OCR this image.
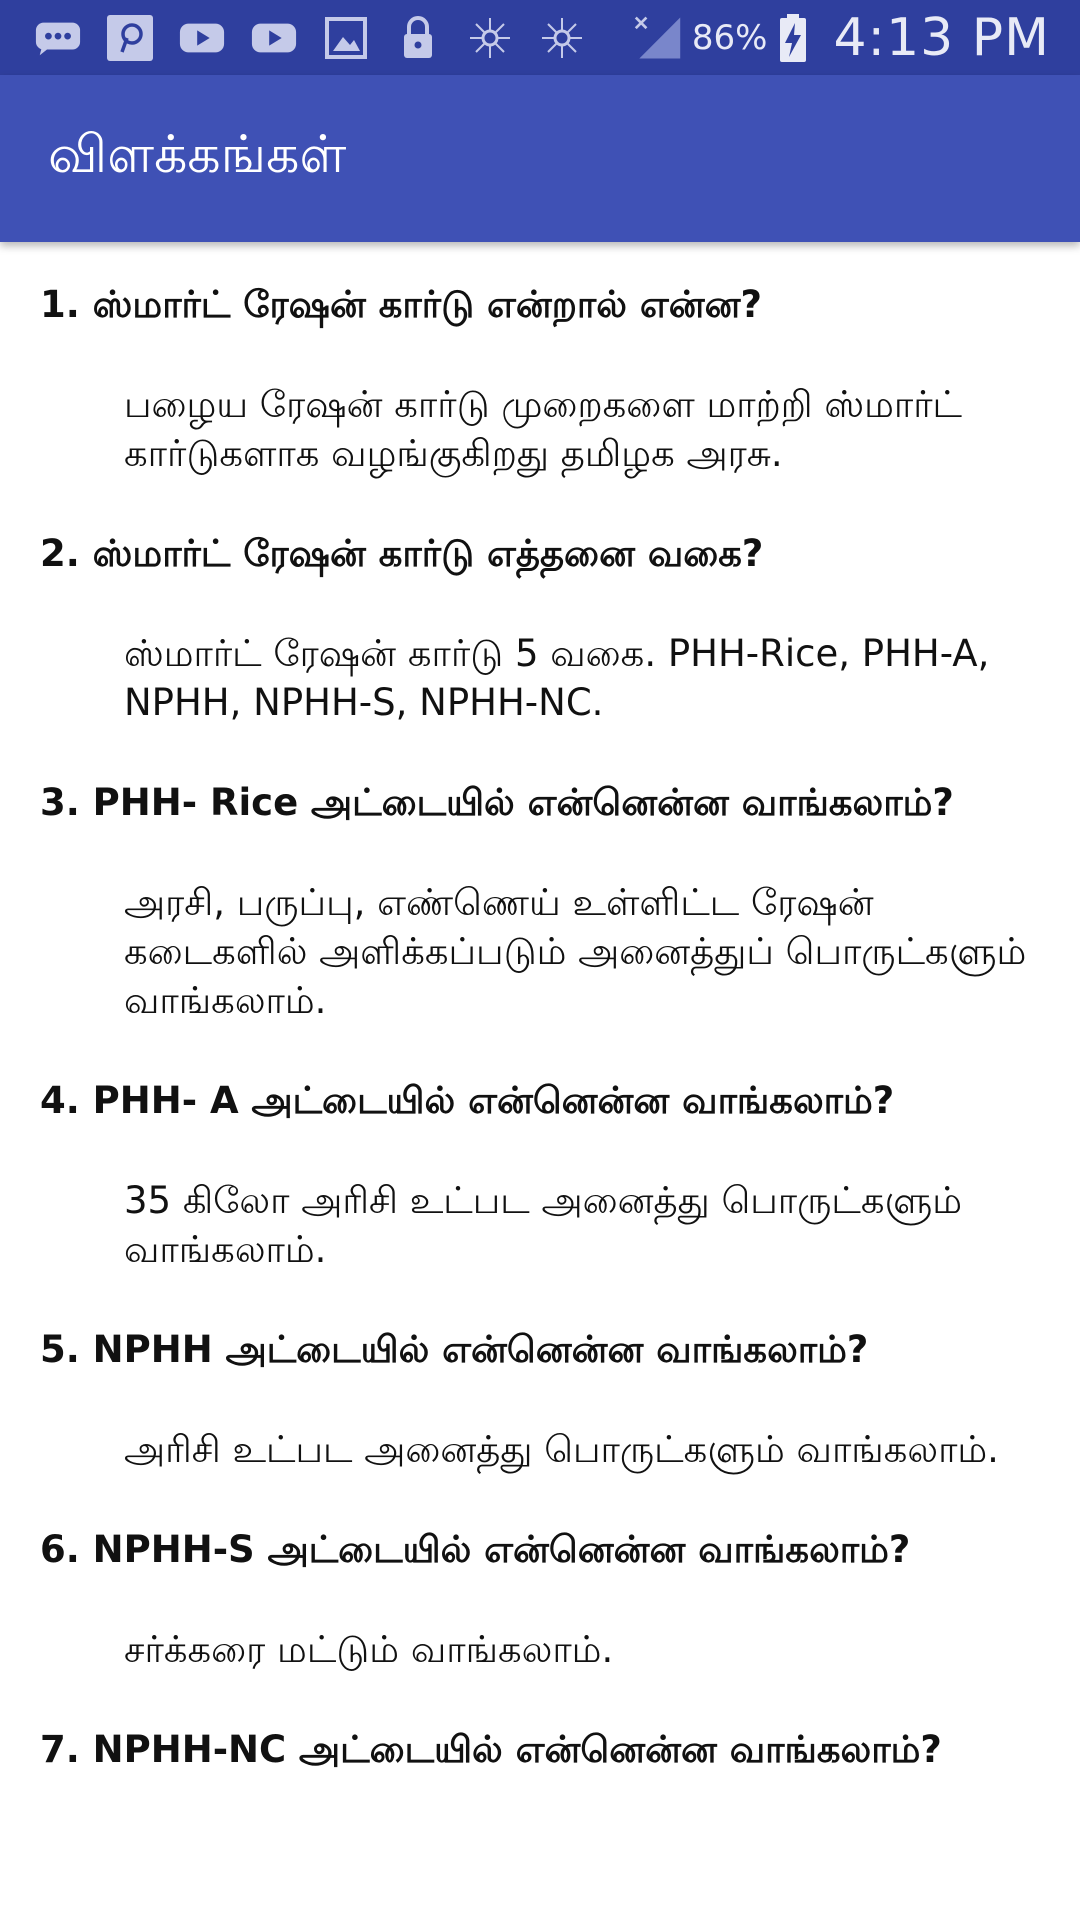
86% 4:13 PM
விளக்கங்கள்

1. ஸ்மார்ட் ரேஷன் கார்டு என்றால் என்ன?

பழைய ரேஷன் கார்டு முறைகளை மாற்றி ஸ்மார்ட் கார்டுகளாக வழங்குகிறது தமிழக அரசு.

2. ஸ்மார்ட் ரேஷன் கார்டு எத்தனை வகை?

ஸ்மார்ட் ரேஷன் கார்டு 5 வகை. PHH-Rice, PHH-A, NPHH, NPHH-S, NPHH-NC.

3. PHH- Rice அட்டையில் என்னென்ன வாங்கலாம்?

அரசி, பருப்பு, எண்ணெய் உள்ளிட்ட ரேஷன் கடைகளில் அளிக்கப்படும் அனைத்துப் பொருட்களும் வாங்கலாம்.

4. PHH- A அட்டையில் என்னென்ன வாங்கலாம்?

35 கிலோ அரிசி உட்பட அனைத்து பொருட்களும் வாங்கலாம்.

5. NPHH அட்டையில் என்னென்ன வாங்கலாம்?

அரிசி உட்பட அனைத்து பொருட்களும் வாங்கலாம்.

6. NPHH-S அட்டையில் என்னென்ன வாங்கலாம்?

சர்க்கரை மட்டும் வாங்கலாம்.

7. NPHH-NC அட்டையில் என்னென்ன வாங்கலாம்?
